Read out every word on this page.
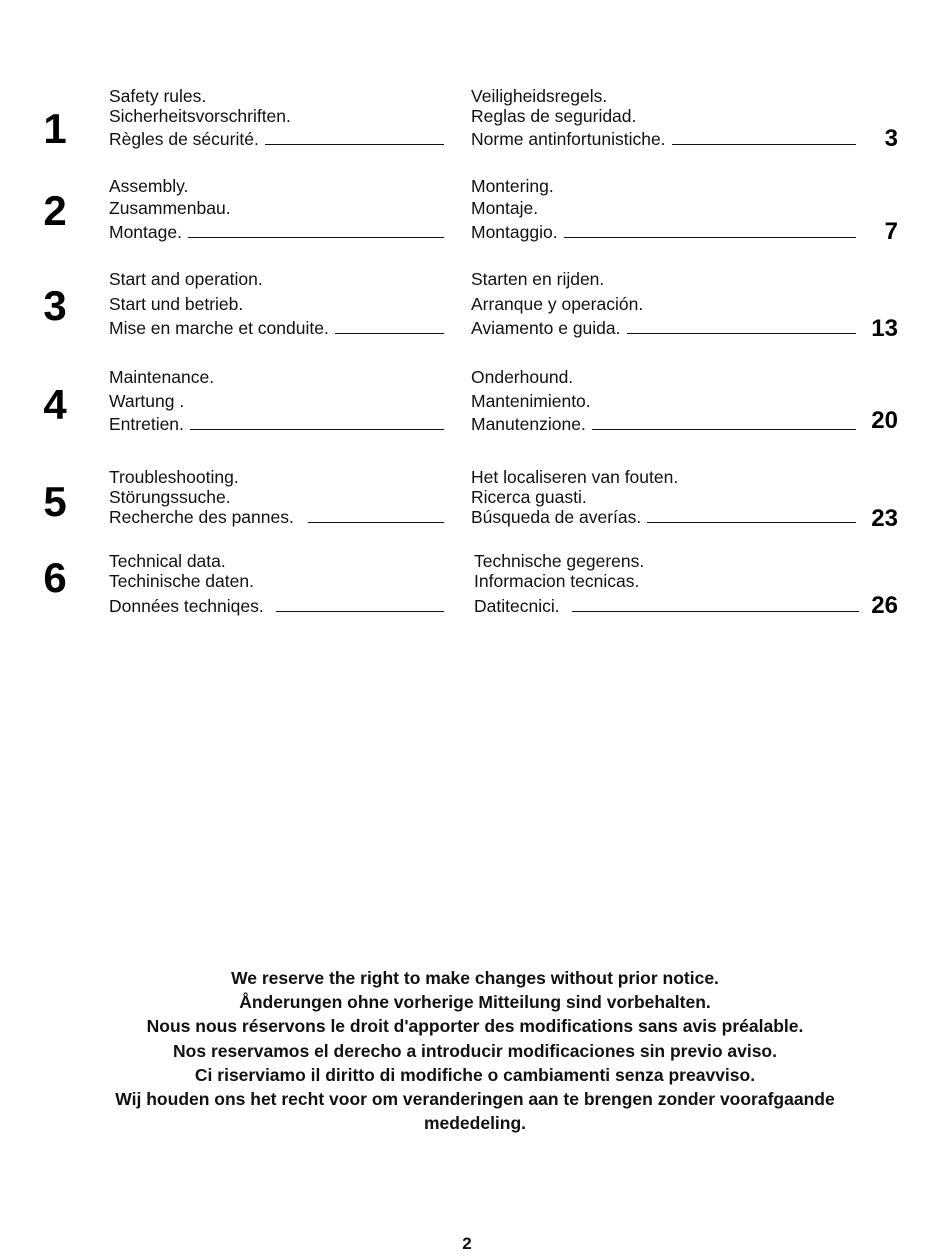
1
Safety rules.
Sicherheitsvorschriften.
Règles de sécurité.
Veiligheidsregels.
Reglas de seguridad.
Norme antinfortunistiche.	3
2
Assembly.
Zusammenbau.
Montage.
Montering.
Montaje.
Montaggio.	7
3
Start and operation.
Start und betrieb.
Mise en marche et conduite.
Starten en rijden.
Arranque y operación.
Aviamento e guida.	13
4
Maintenance.
Wartung .
Entretien.
Onderhound.
Mantenimiento.
Manutenzione.	20
5
Troubleshooting.
Störungssuche.
Recherche des pannes.
Het localiseren van fouten.
Ricerca guasti.
Búsqueda de averías.	23
6	Technical data.
Techinische daten.
Données techniqes.
Technische gegerens.
Informacion tecnicas.
Datitecnici.	26
We reserve the right to make changes without prior notice.
Ånderungen ohne vorherige Mitteilung sind vorbehalten.
Nous nous réservons le droit d'apporter des modifications sans avis préalable.
Nos reservamos el derecho a introducir modificaciones sin previo aviso.
Ci riserviamo il diritto di modifiche o cambiamenti senza preavviso.
Wij houden ons het recht voor om veranderingen aan te brengen zonder voorafgaande
mededeling.
2
